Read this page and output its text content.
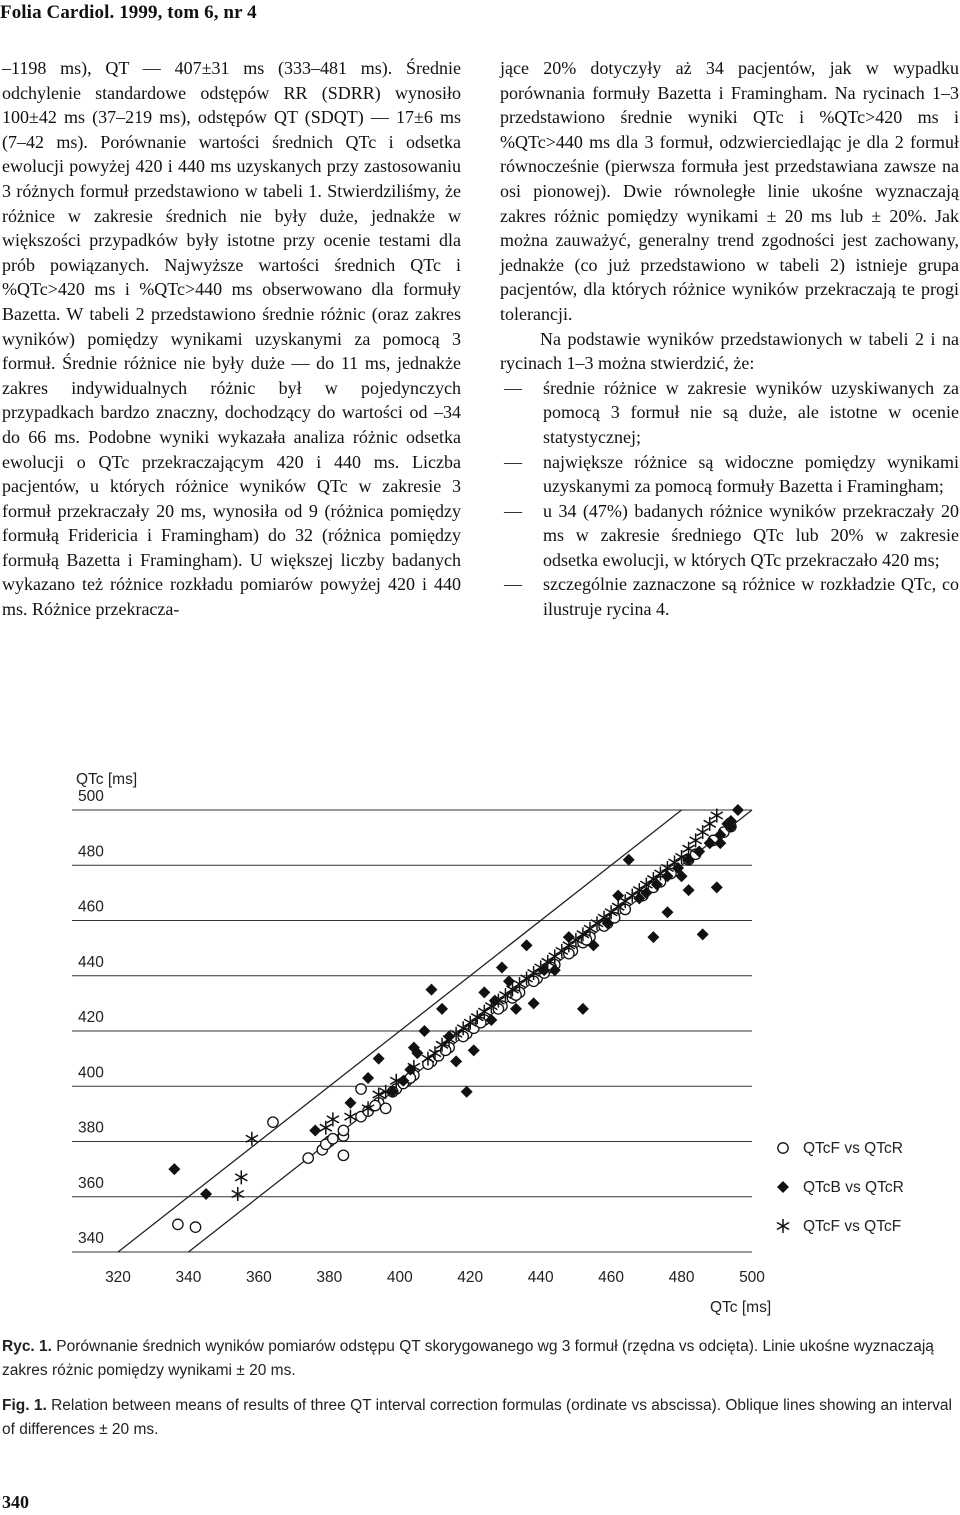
Folia Cardiol. 1999, tom 6, nr 4

–1198 ms), QT — 407±31 ms (333–481 ms). Średnie odchylenie standardowe odstępów RR (SDRR) wynosiło 100±42 ms (37–219 ms), odstępów QT (SDQT) — 17±6 ms (7–42 ms). Porównanie wartości średnich QTc i odsetka ewolucji powyżej 420 i 440 ms uzyskanych przy zastosowaniu 3 różnych formuł przedstawiono w tabeli 1. Stwierdziliśmy, że różnice w zakresie średnich nie były duże, jednakże w większości przypadków były istotne przy ocenie testami dla prób powiązanych. Najwyższe wartości średnich QTc i %QTc>420 ms i %QTc>440 ms obserwowano dla formuły Bazetta. W tabeli 2 przedstawiono średnie różnic (oraz zakres wyników) pomiędzy wynikami uzyskanymi za pomocą 3 formuł. Średnie różnice nie były duże — do 11 ms, jednakże zakres indywidualnych różnic był w pojedynczych przypadkach bardzo znaczny, dochodzący do wartości od –34 do 66 ms. Podobne wyniki wykazała analiza różnic odsetka ewolucji o QTc przekraczającym 420 i 440 ms. Liczba pacjentów, u których różnice wyników QTc w zakresie 3 formuł przekraczały 20 ms, wynosiła od 9 (różnica pomiędzy formułą Fridericia i Framingham) do 32 (różnica pomiędzy formułą Bazetta i Framingham). U większej liczby badanych wykazano też różnice rozkładu pomiarów powyżej 420 i 440 ms. Różnice przekracza-

jące 20% dotyczyły aż 34 pacjentów, jak w wypadku porównania formuły Bazetta i Framingham. Na rycinach 1–3 przedstawiono średnie wyniki QTc i %QTc>420 ms i %QTc>440 ms dla 3 formuł, odzwierciedlając je dla 2 formuł równocześnie (pierwsza formuła jest przedstawiana zawsze na osi pionowej). Dwie równoległe linie ukośne wyznaczają zakres różnic pomiędzy wynikami ± 20 ms lub ± 20%. Jak można zauważyć, generalny trend zgodności jest zachowany, jednakże (co już przedstawiono w tabeli 2) istnieje grupa pacjentów, dla których różnice wyników przekraczają te progi tolerancji.

Na podstawie wyników przedstawionych w tabeli 2 i na rycinach 1–3 można stwierdzić, że:

— średnie różnice w zakresie wyników uzyskiwanych za pomocą 3 formuł nie są duże, ale istotne w ocenie statystycznej;
— największe różnice są widoczne pomiędzy wynikami uzyskanymi za pomocą formuły Bazetta i Framingham;
— u 34 (47%) badanych różnice wyników przekraczały 20 ms w zakresie średniego QTc lub 20% w zakresie odsetka ewolucji, w których QTc przekraczało 420 ms;
— szczególnie zaznaczone są różnice w rozkładzie QTc, co ilustruje rycina 4.
340
360
380
400
420
440
460
480
500
320	340	360	380	400	420	440	460	480	500
QTc [ms]
QTc [ms]
QTcF vs QTcR
QTcB vs QTcR
QTcF vs QTcF
Ryc. 1. Porównanie średnich wyników pomiarów odstępu QT skorygowanego wg 3 formuł (rzędna vs odcięta). Linie ukośne wyznaczają zakres różnic pomiędzy wynikami ± 20 ms.
Fig. 1. Relation between means of results of three QT interval correction formulas (ordinate vs abscissa). Oblique lines showing an interval of differences ± 20 ms.
340
